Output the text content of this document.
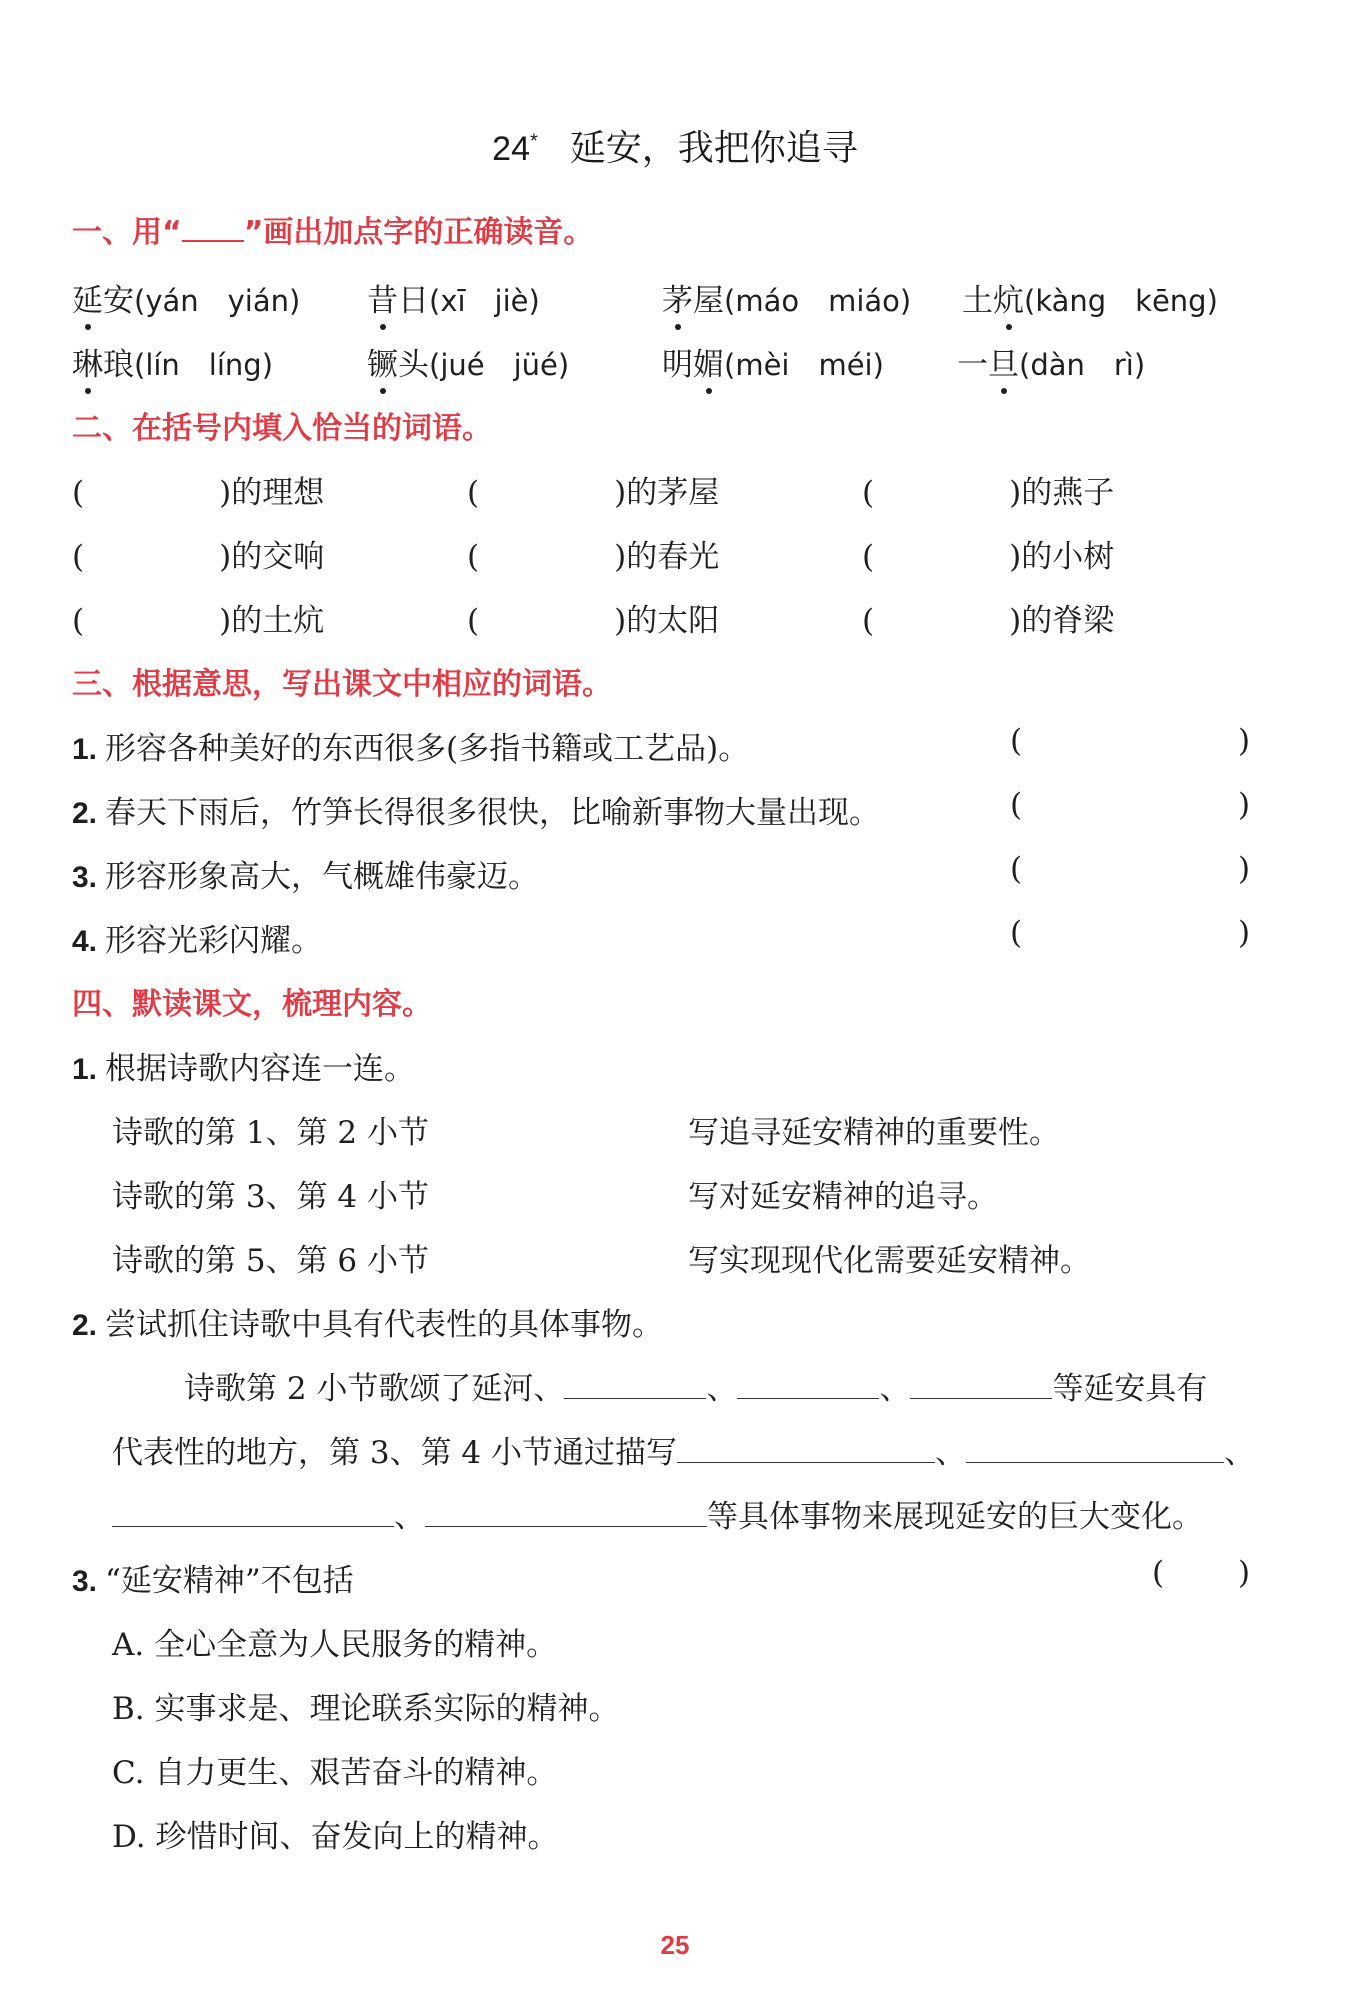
24* 延安，我把你追寻
一、用“ ”画出加点字的正确读音。
延安(yán　yián) 昔日(xī　jiè)	茅屋(máo　miáo) 土炕(kàng　kēng)
琳琅(lín　líng)	镢头(jué　jüé)	明媚(mèi　méi) 一旦(dàn　rì)
二、在括号内填入恰当的词语。
(	)的理想	(	)的茅屋	(	)的燕子
(	)的交响	(	)的春光	(	)的小树
(	)的土炕	(	)的太阳	(	)的脊梁
三、根据意思，写出课文中相应的词语。
1. 形容各种美好的东西很多(多指书籍或工艺品)。	(	)
2. 春天下雨后，竹笋长得很多很快，比喻新事物大量出现。	(	)
3. 形容形象高大，气概雄伟豪迈。	(	)
4. 形容光彩闪耀。	(	)
四、默读课文，梳理内容。
1. 根据诗歌内容连一连。
诗歌的第 1、第 2 小节	写追寻延安精神的重要性。
诗歌的第 3、第 4 小节	写对延安精神的追寻。
诗歌的第 5、第 6 小节	写实现现代化需要延安精神。
2. 尝试抓住诗歌中具有代表性的具体事物。
诗歌第 2 小节歌颂了延河、	、	、	等延安具有
代表性的地方，第 3、第 4 小节通过描写	、	、
、	等具体事物来展现延安的巨大变化。
3. “延安精神”不包括	( )
A. 全心全意为人民服务的精神。
B. 实事求是、理论联系实际的精神。
C. 自力更生、艰苦奋斗的精神。
D. 珍惜时间、奋发向上的精神。
25
